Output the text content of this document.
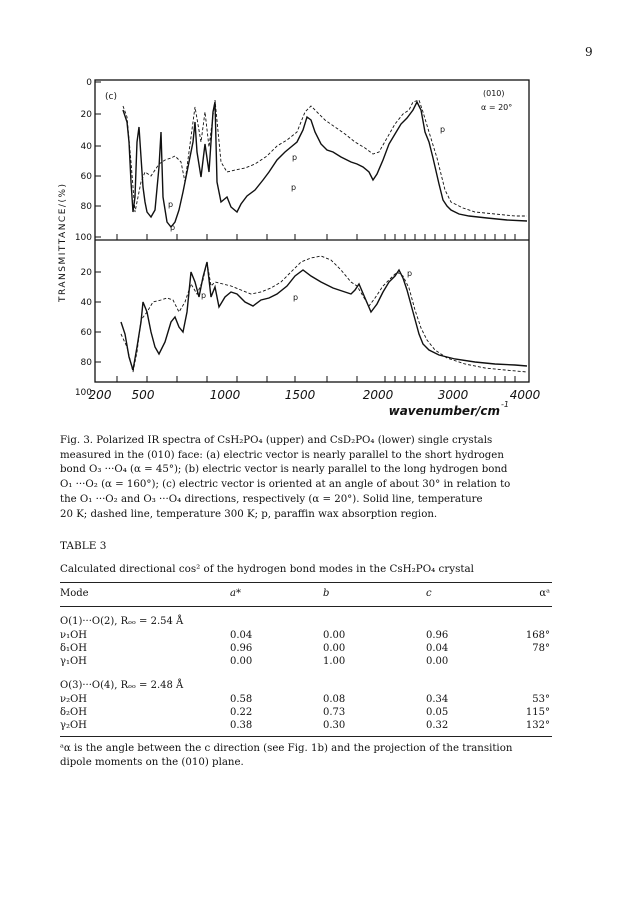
9
0
20
40
60
80
100
20
40
60
80
100
TRANSMITTANCE/(%)
200 500	1000	1500	2000	3000	4000
wavenumber/cm -1
(c)	(010)
α = 20°
p
p
p
p
p
p	p
p
Fig. 3. Polarized IR spectra of CsH₂PO₄ (upper) and CsD₂PO₄ (lower) single crystals
measured in the (010) face: (a) electric vector is nearly parallel to the short hydrogen
bond O₃ ···O₄ (α = 45°); (b) electric vector is nearly parallel to the long hydrogen bond
O₁ ···O₂ (α = 160°); (c) electric vector is oriented at an angle of about 30° in relation to
the O₁ ···O₂ and O₃ ···O₄ directions, respectively (α = 20°). Solid line, temperature
20 K; dashed line, temperature 300 K; p, paraffin wax absorption region.
TABLE 3
Calculated directional cos² of the hydrogen bond modes in the CsH₂PO₄ crystal
Mode	a*	b	c	αᵃ
O(1)···O(2), Rₒₒ = 2.54 Å
ν₁OH	0.04	0.00	0.96	168°
δ₁OH	0.96	0.00	0.04	78°
γ₁OH	0.00	1.00	0.00
O(3)···O(4), Rₒₒ = 2.48 Å
ν₂OH	0.58	0.08	0.34	53°
δ₂OH	0.22	0.73	0.05	115°
γ₂OH	0.38	0.30	0.32	132°
ᵃα is the angle between the c direction (see Fig. 1b) and the projection of the transition
dipole moments on the (010) plane.
